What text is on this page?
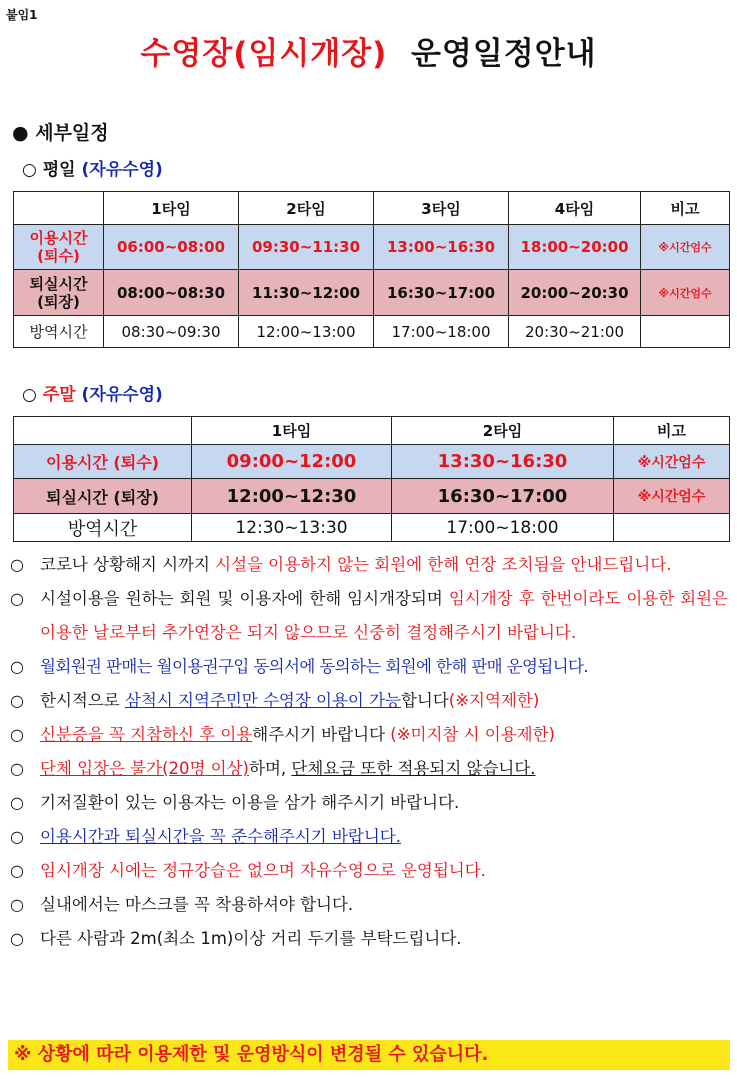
붙임1
수영장(임시개장) 운영일정안내
● 세부일정
○ 평일 (자유수영)
	1타임	2타임	3타임	4타임	비고
이용시간
(퇴수)	06:00~08:00	09:30~11:30	13:00~16:30	18:00~20:00	※시간엄수
퇴실시간
(퇴장)	08:00~08:30	11:30~12:00	16:30~17:00	20:00~20:30	※시간엄수
방역시간	08:30~09:30	12:00~13:00	17:00~18:00	20:30~21:00	
○ 주말 (자유수영)
	1타임	2타임	비고
이용시간 (퇴수)	09:00~12:00	13:30~16:30	※시간엄수
퇴실시간 (퇴장)	12:00~12:30	16:30~17:00	※시간엄수
방역시간	12:30~13:30	17:00~18:00	
○ 코로나 상황해지 시까지 시설을 이용하지 않는 회원에 한해 연장 조치됨을 안내드립니다.
○ 시설이용을 원하는 회원 및 이용자에 한해 임시개장되며 임시개장 후 한번이라도 이용한 회원은 이용한 날로부터 추가연장은 되지 않으므로 신중히 결정해주시기 바랍니다.
○ 월회원권 판매는 월이용권구입 동의서에 동의하는 회원에 한해 판매 운영됩니다.
○ 한시적으로 삼척시 지역주민만 수영장 이용이 가능합니다(※지역제한)
○ 신분증을 꼭 지참하신 후 이용해주시기 바랍니다 (※미지참 시 이용제한)
○ 단체 입장은 불가(20명 이상)하며, 단체요금 또한 적용되지 않습니다.
○ 기저질환이 있는 이용자는 이용을 삼가 해주시기 바랍니다.
○ 이용시간과 퇴실시간을 꼭 준수해주시기 바랍니다.
○ 임시개장 시에는 정규강습은 없으며 자유수영으로 운영됩니다.
○ 실내에서는 마스크를 꼭 착용하셔야 합니다.
○ 다른 사람과 2m(최소 1m)이상 거리 두기를 부탁드립니다.
※ 상황에 따라 이용제한 및 운영방식이 변경될 수 있습니다.
